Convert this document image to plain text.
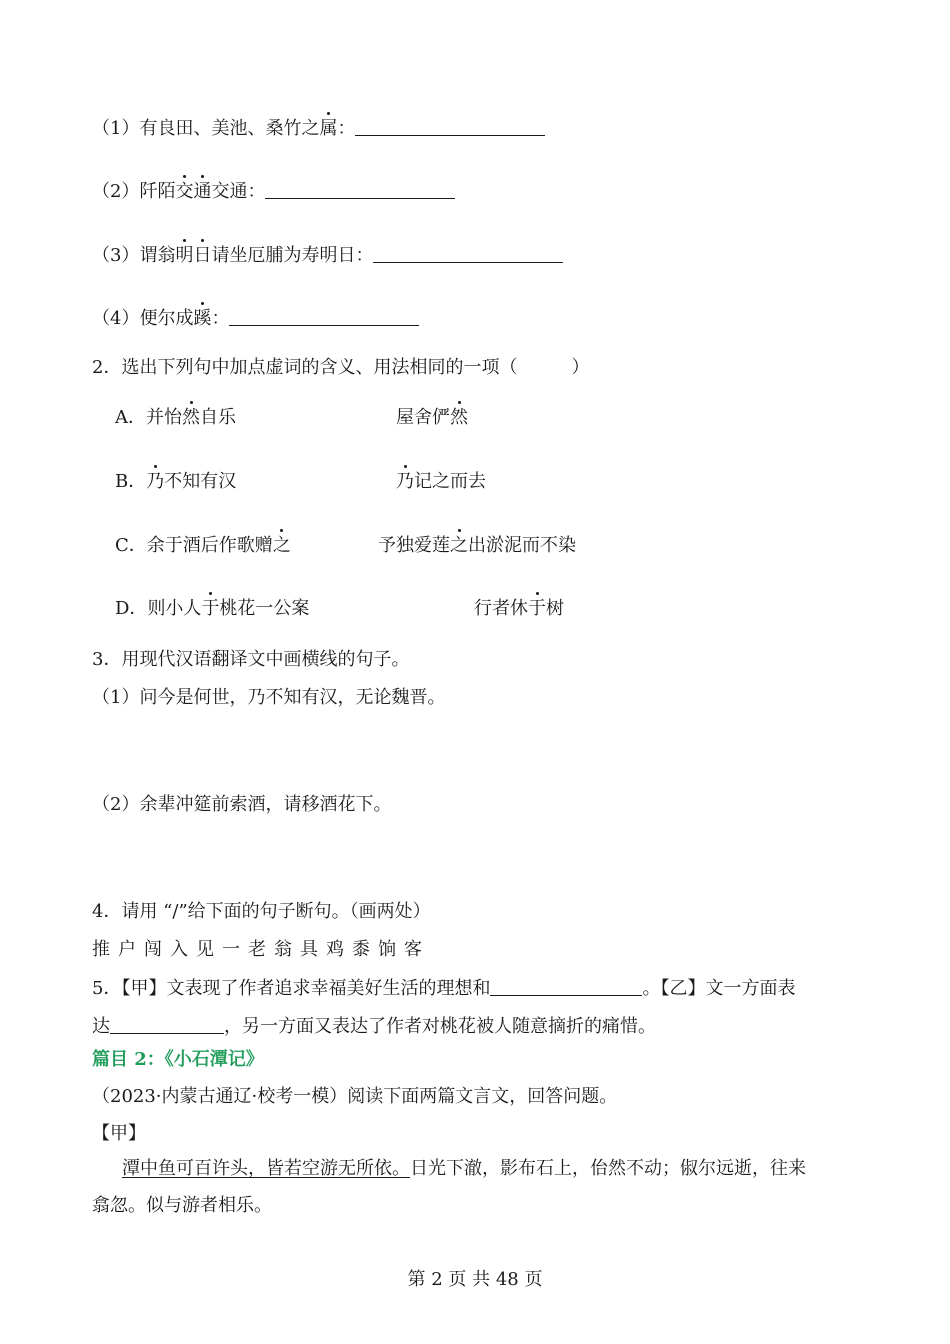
（1）有良田、美池、桑竹之属：
（2）阡陌交通交通：
（3）谓翁明日请坐厄脯为寿明日：
（4）便尔成蹊：
2．选出下列句中加点虚词的含义、用法相同的一项（　　　）
A．并怡然自乐	屋舍俨然
B．乃不知有汉	乃记之而去
C．余于酒后作歌赠之	予独爱莲之出淤泥而不染
D．则小人于桃花一公案	行者休于树
3．用现代汉语翻译文中画横线的句子。
（1）问今是何世，乃不知有汉，无论魏晋。
（2）余辈冲筵前索酒，请移酒花下。
4．请用 “/”给下面的句子断句。（画两处）
推户闯入见一老翁具鸡黍饷客
5．【甲】文表现了作者追求幸福美好生活的理想和	。【乙】文一方面表
达	，另一方面又表达了作者对桃花被人随意摘折的痛惜。
篇目 2：《小石潭记》
（2023·内蒙古通辽·校考一模）阅读下面两篇文言文，回答问题。
【甲】
潭中鱼可百许头，皆若空游无所依。日光下澈，影布石上，佁然不动；俶尔远逝，往来
翕忽。似与游者相乐。
第 2 页 共 48 页
